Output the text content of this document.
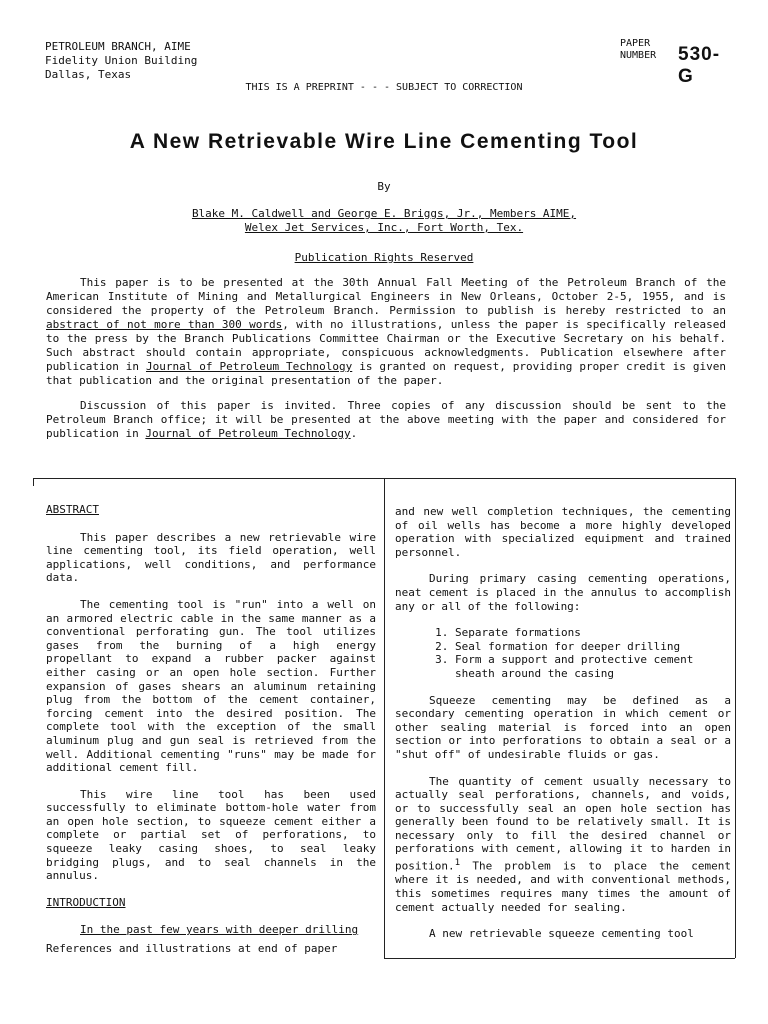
PETROLEUM BRANCH, AIME
Fidelity Union Building
Dallas, Texas
PAPER
NUMBER 530-G
THIS IS A PREPRINT - - - SUBJECT TO CORRECTION
A New Retrievable Wire Line Cementing Tool
By
Blake M. Caldwell and George E. Briggs, Jr., Members AIME,
Welex Jet Services, Inc., Fort Worth, Tex.
Publication Rights Reserved

This paper is to be presented at the 30th Annual Fall Meeting of the Petroleum Branch of the American Institute of Mining and Metallurgical Engineers in New Orleans, October 2-5, 1955, and is considered the property of the Petroleum Branch. Permission to publish is hereby restricted to an abstract of not more than 300 words, with no illustrations, unless the paper is specifically released to the press by the Branch Publications Committee Chairman or the Executive Secretary on his behalf. Such abstract should contain appropriate, conspicuous acknowledgments. Publication elsewhere after publication in Journal of Petroleum Technology is granted on request, providing proper credit is given that publication and the original presentation of the paper.

Discussion of this paper is invited. Three copies of any discussion should be sent to the Petroleum Branch office; it will be presented at the above meeting with the paper and considered for publication in Journal of Petroleum Technology.

ABSTRACT

This paper describes a new retrievable wire line cementing tool, its field operation, well applications, well conditions, and performance data.

The cementing tool is "run" into a well on an armored electric cable in the same manner as a conventional perforating gun. The tool utilizes gases from the burning of a high energy propellant to expand a rubber packer against either casing or an open hole section. Further expansion of gases shears an aluminum retaining plug from the bottom of the cement container, forcing cement into the desired position. The complete tool with the exception of the small aluminum plug and gun seal is retrieved from the well. Additional cementing "runs" may be made for additional cement fill.

This wire line tool has been used successfully to eliminate bottom-hole water from an open hole section, to squeeze cement either a complete or partial set of perforations, to squeeze leaky casing shoes, to seal leaky bridging plugs, and to seal channels in the annulus.

INTRODUCTION
In the past few years with deeper drilling
References and illustrations at end of paper

and new well completion techniques, the cementing of oil wells has become a more highly developed operation with specialized equipment and trained personnel.

During primary casing cementing operations, neat cement is placed in the annulus to accomplish any or all of the following:

1. Separate formations
2. Seal formation for deeper drilling
3. Form a support and protective cement sheath around the casing

Squeeze cementing may be defined as a secondary cementing operation in which cement or other sealing material is forced into an open section or into perforations to obtain a seal or a "shut off" of undesirable fluids or gas.

The quantity of cement usually necessary to actually seal perforations, channels, and voids, or to successfully seal an open hole section has generally been found to be relatively small. It is necessary only to fill the desired channel or perforations with cement, allowing it to harden in position.$^1$ The problem is to place the cement where it is needed, and with conventional methods, this sometimes requires many times the amount of cement actually needed for sealing.

A new retrievable squeeze cementing tool
